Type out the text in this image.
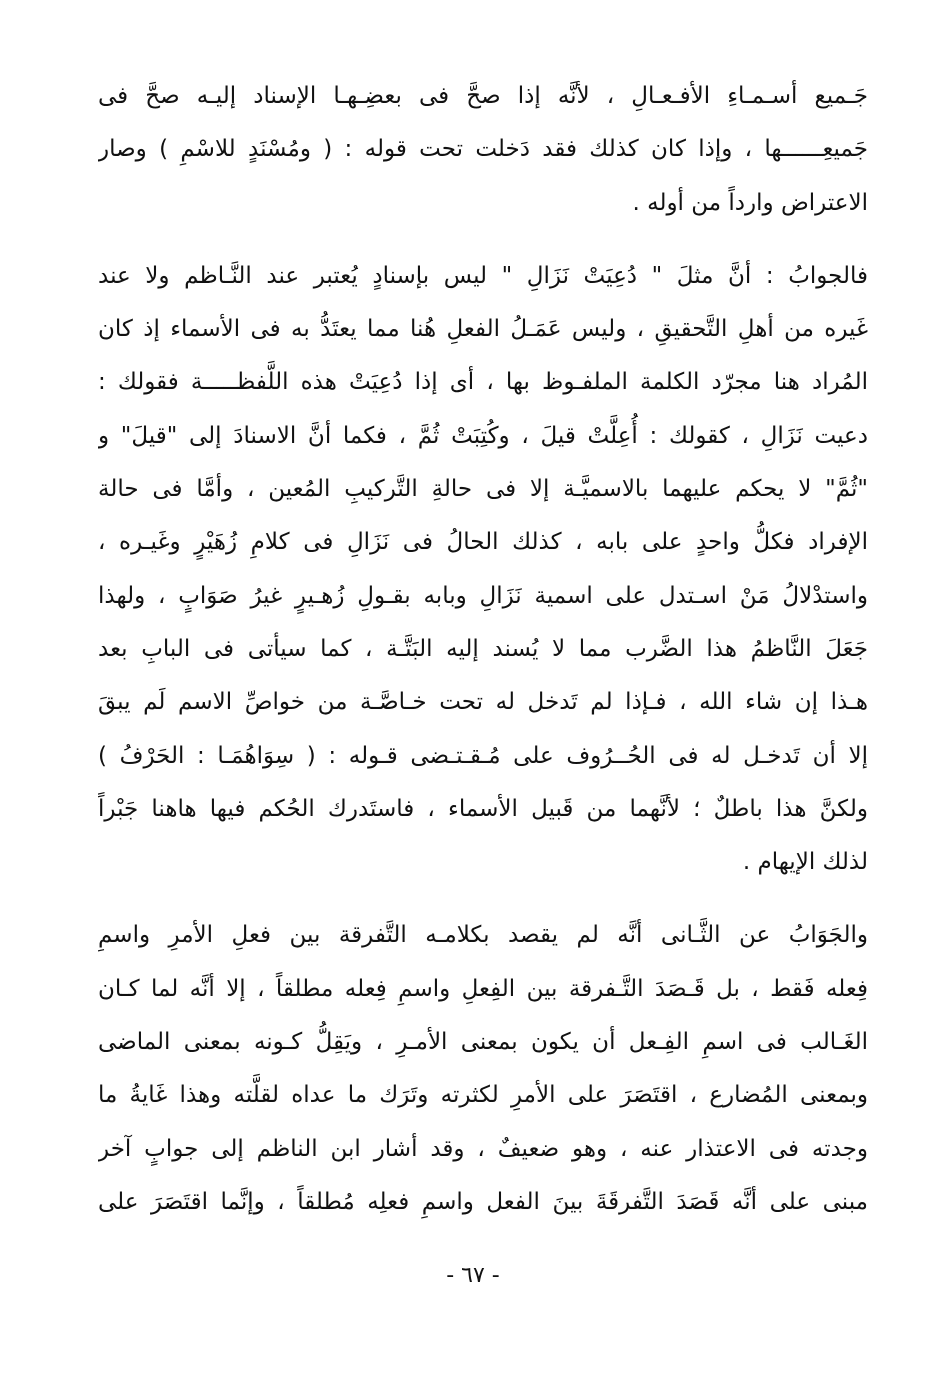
جَـميع أسـمـاءِ الأفـعـالِ ، لأنَّه إذا صحَّ فى بعضِـهـا الإسناد إليـه صحَّ فى
جَميعِــــــها ، وإذا كان كذلك فقد دَخلت تحت قوله : ( ومُسْنَدٍ للاسْمِ ) وصار
الاعتراض وارداً من أوله .
فالجوابُ : أنَّ مثلَ " دُعِيَتْ نَزَالِ " ليس بإسنادٍ يُعتبر عند النَّـاظم ولا عند
غَيره من أهلِ التَّحقيقِ ، وليس عَمَـلُ الفعلِ هُنا مما يعتَدُّ به فى الأسماء إذ كان
المُراد هنا مجرّد الكلمة الملفـوظ بها ، أى إذا دُعِيَتْ هذه اللَّفظـــــة فقولك :
دعيت نَزَالِ ، كقولك : أُعِلَّتْ قيلَ ، وكُتِبَتْ ثُمَّ ، فكما أنَّ الاسنادَ إلى "قيلَ" و
"ثُمَّ" لا يحكم عليهما بالاسميَّـة إلا فى حالةِ التَّركيبِ المُعين ، وأمَّا فى حالة
الإفراد فكلُّ واحدٍ على بابه ، كذلك الحالُ فى نَزَالِ فى كلامِ زُهَيْرٍ وغَيـره ،
واستدْلالُ مَنْ اسـتدل على اسمية نَزَالِ وبابه بقـولِ زُهـيرٍ غيرُ صَوَابٍ ، ولهذا
جَعَلَ النَّاظمُ هذا الضَّرب مما لا يُسند إليه البَتَّـة ، كما سيأتى فى البابِ بعد
هـذا إن شاء الله ، فـإذا لم تَدخل له تحت خـاصَّـة من خواصِّ الاسم لَم يبقَ
إلا أن تَدخـل له فى الحُــرُوف على مُـقـتـضى قـوله : ( سِوَاهُمَـا : الحَرْفُ )
ولكنَّ هذا باطلٌ ؛ لأنَّهما من قَبيل الأسماء ، فاستَدرك الحُكم فيها هاهنا جَبْراً
لذلك الإيهام .
والجَوَابُ عن الثَّـانى أنَّه لم يقصد بكلامـه التَّفرقة بين فعلِ الأمرِ واسمِ
فِعله فَقط ، بل قَـصَدَ التَّـفرقة بين الفِعلِ واسمِ فِعله مطلقاً ، إلا أنَّه لما كـان
الغَـالب فى اسمِ الفِـعل أن يكون بمعنى الأمـرِ ، ويَقِلُّ كـونه بمعنى الماضى
وبمعنى المُضارع ، اقتَصَرَ على الأمرِ لكثرته وتَرَك ما عداه لقلَّته وهذا غَايةُ ما
وجدته فى الاعتذار عنه ، وهو ضعيفٌ ، وقد أشار ابن الناظم إلى جوابٍ آخر
مبنى على أنَّه قَصَدَ التَّفرقَةَ بينَ الفعل واسمِ فعلِه مُطلقاً ، وإنَّما اقتَصَرَ على
- ٦٧ -
